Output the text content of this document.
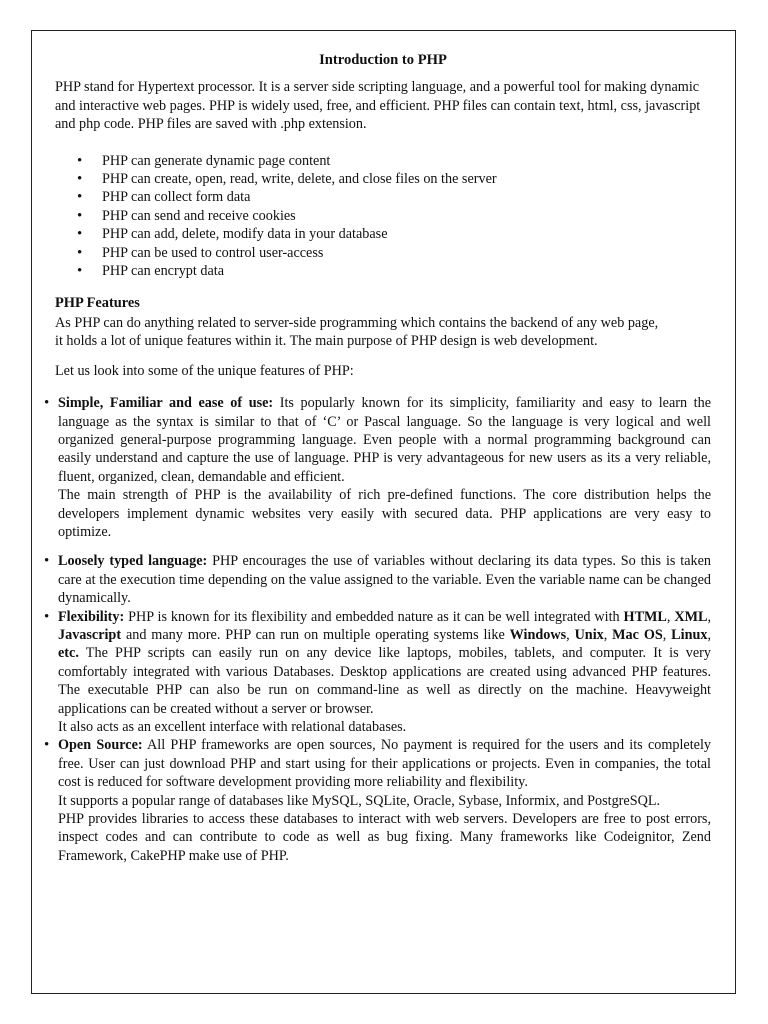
Introduction to PHP

PHP stand for Hypertext processor. It is a server side scripting language, and a powerful tool for making dynamic and interactive web pages. PHP is widely used, free, and efficient. PHP files can contain text, html, css, javascript and php code. PHP files are saved with .php extension.

• PHP can generate dynamic page content
• PHP can create, open, read, write, delete, and close files on the server
• PHP can collect form data
• PHP can send and receive cookies
• PHP can add, delete, modify data in your database
• PHP can be used to control user-access
• PHP can encrypt data
PHP Features

As PHP can do anything related to server-side programming which contains the backend of any web page,

it holds a lot of unique features within it. The main purpose of PHP design is web development.

Let us look into some of the unique features of PHP:

• Simple, Familiar and ease of use: Its popularly known for its simplicity, familiarity and easy to learn the language as the syntax is similar to that of ‘C’ or Pascal language. So the language is very logical and well organized general-purpose programming language. Even people with a normal programming background can easily understand and capture the use of language. PHP is very advantageous for new users as its a very reliable, fluent, organized, clean, demandable and efficient.

The main strength of PHP is the availability of rich pre-defined functions. The core distribution helps the developers implement dynamic websites very easily with secured data. PHP applications are very easy to optimize.

• Loosely typed language: PHP encourages the use of variables without declaring its data types. So this is taken care at the execution time depending on the value assigned to the variable. Even the variable name can be changed dynamically.

• Flexibility: PHP is known for its flexibility and embedded nature as it can be well integrated with HTML, XML, Javascript and many more. PHP can run on multiple operating systems like Windows, Unix, Mac OS, Linux, etc. The PHP scripts can easily run on any device like laptops, mobiles, tablets, and computer. It is very comfortably integrated with various Databases. Desktop applications are created using advanced PHP features. The executable PHP can also be run on command-line as well as directly on the machine. Heavyweight applications can be created without a server or browser.

It also acts as an excellent interface with relational databases.

• Open Source: All PHP frameworks are open sources, No payment is required for the users and its completely free. User can just download PHP and start using for their applications or projects. Even in companies, the total cost is reduced for software development providing more reliability and flexibility.

It supports a popular range of databases like MySQL, SQLite, Oracle, Sybase, Informix, and PostgreSQL.

PHP provides libraries to access these databases to interact with web servers. Developers are free to post errors, inspect codes and can contribute to code as well as bug fixing. Many frameworks like Codeignitor, Zend Framework, CakePHP make use of PHP.
